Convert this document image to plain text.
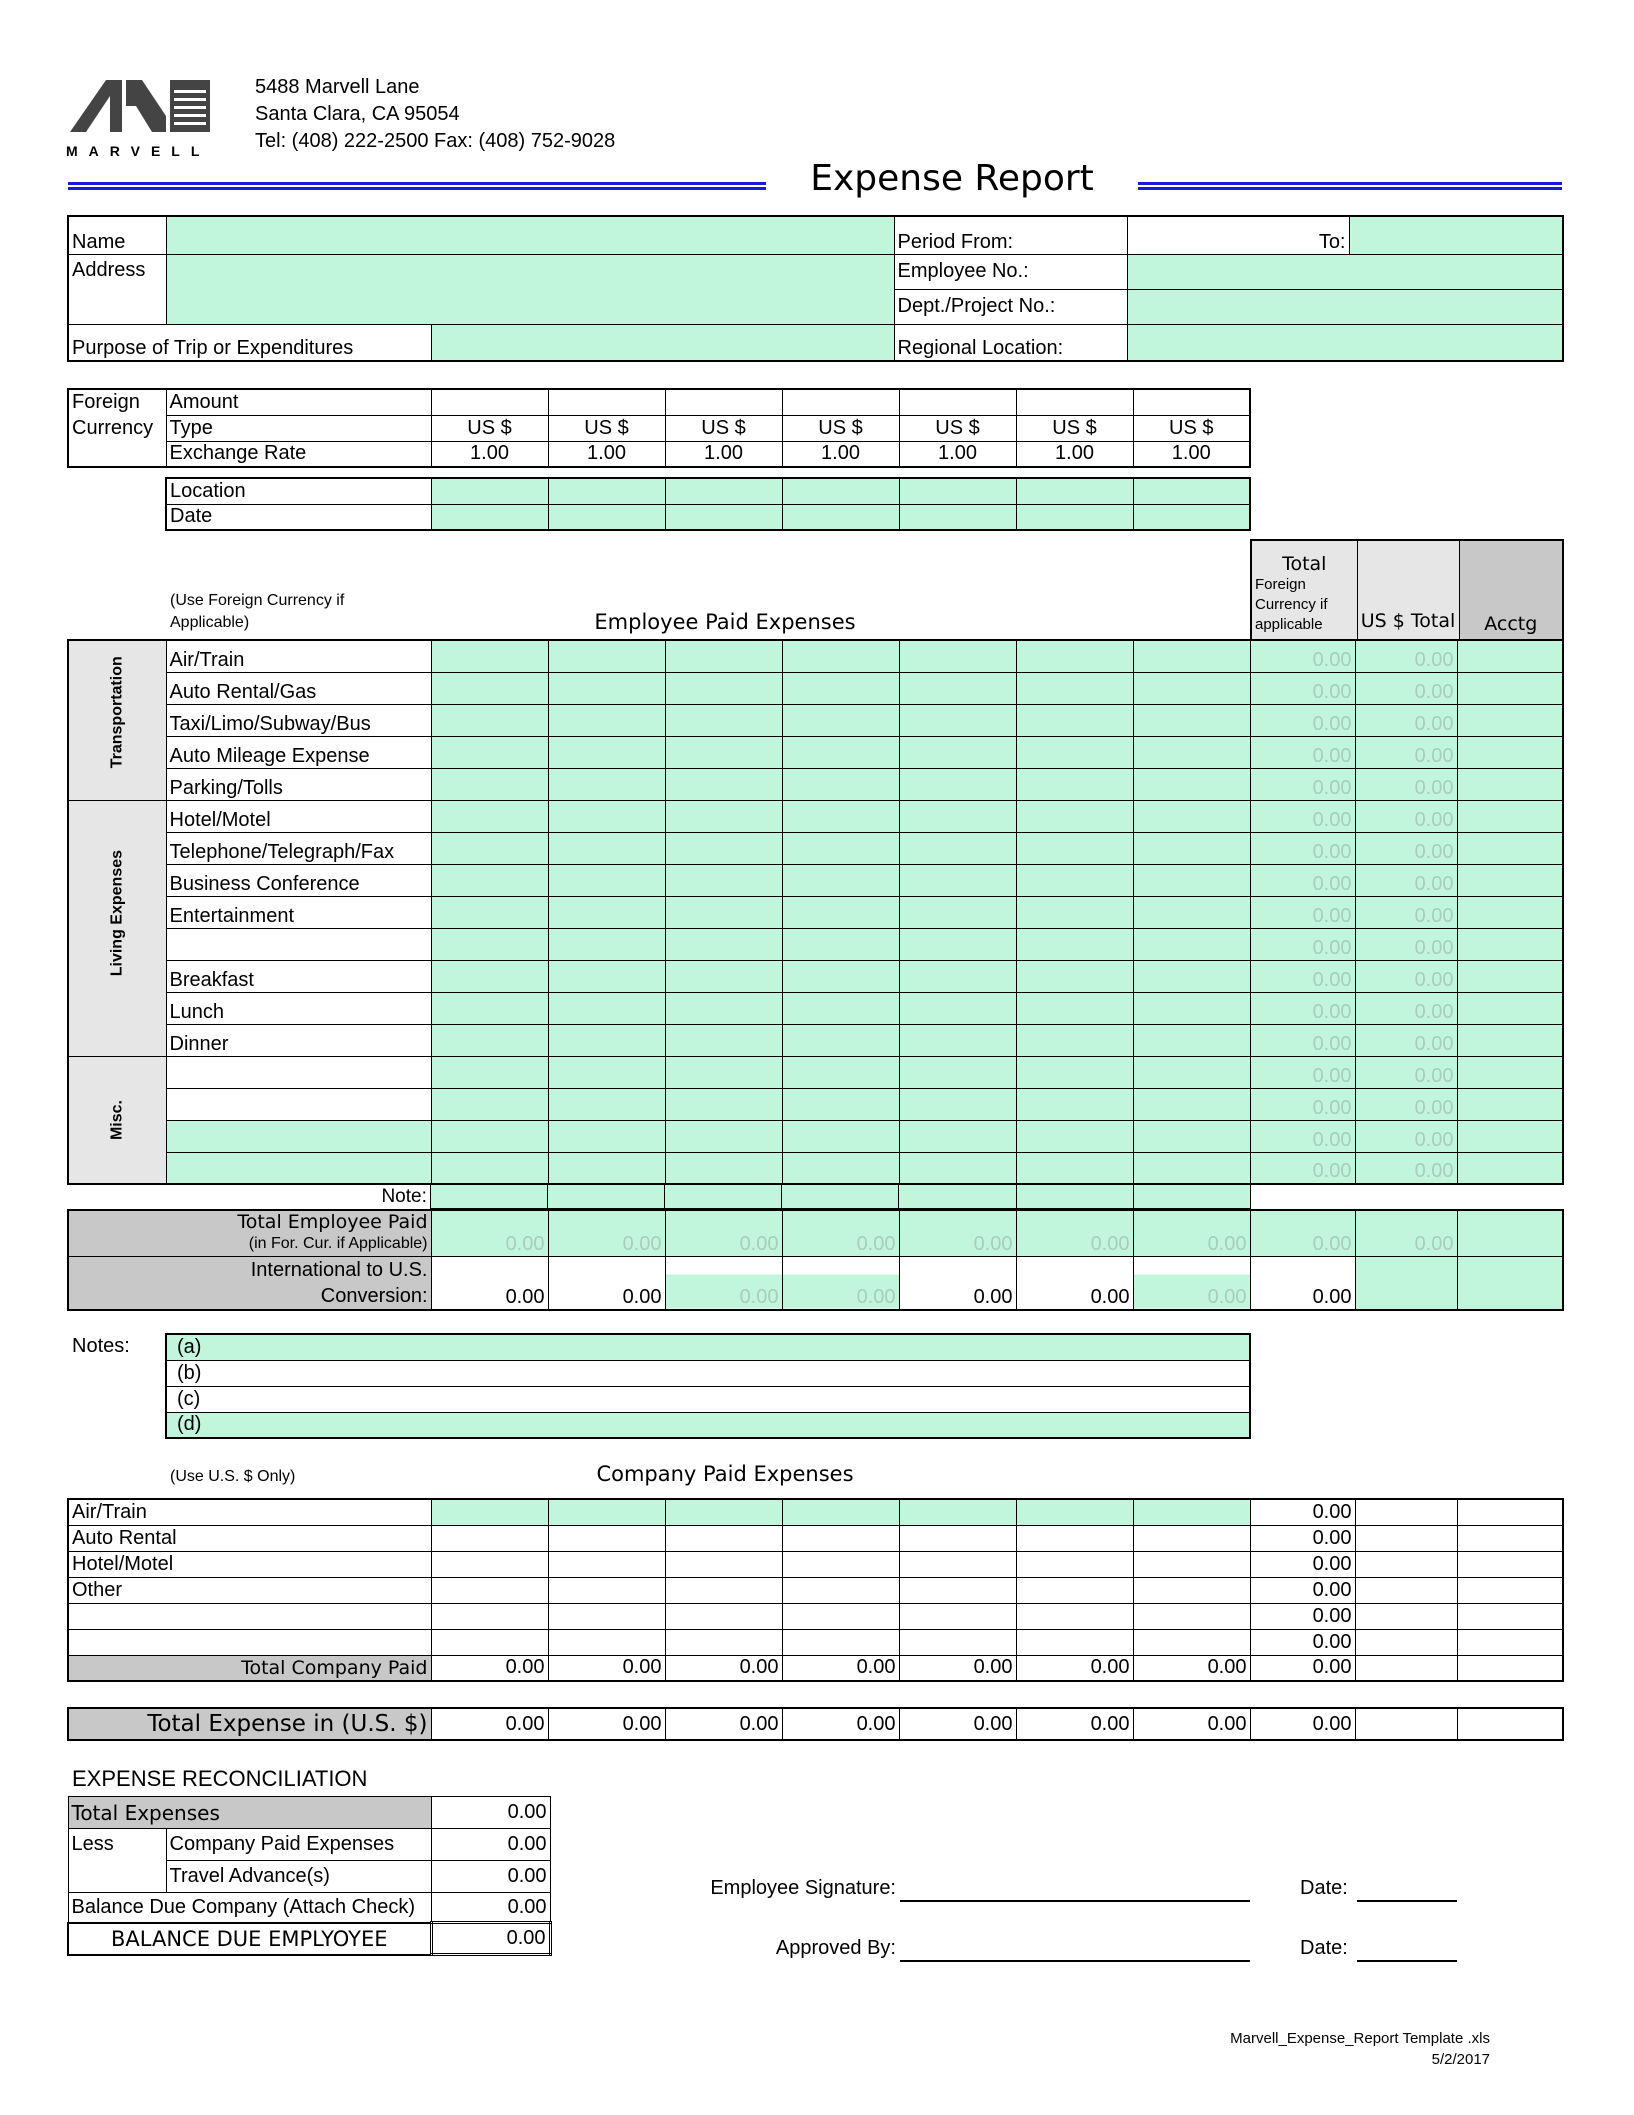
MARVELL
5488 Marvell Lane
Santa Clara, CA 95054
Tel: (408) 222-2500 Fax: (408) 752-9028
Expense Report
Name			Period From:	To:	
Address			Employee No.:		
			Dept./Project No.:		
Purpose of Trip or Expenditures			Regional Location:		
Foreign	Amount							
Currency	Type	US $	US $	US $	US $	US $	US $	US $
	Exchange Rate	1.00	1.00	1.00	1.00	1.00	1.00	1.00
Location							
Date							
(Use Foreign Currency if Applicable)	Employee Paid Expenses
Total
Foreign Currency if applicable	US $ Total	Acctg
Transportation	Air/Train								0.00	0.00	
	Auto Rental/Gas								0.00	0.00	
	Taxi/Limo/Subway/Bus								0.00	0.00	
	Auto Mileage Expense								0.00	0.00	
	Parking/Tolls								0.00	0.00	

Living Expenses	Hotel/Motel								0.00	0.00	
	Telephone/Telegraph/Fax								0.00	0.00	
	Business Conference								0.00	0.00	
	Entertainment								0.00	0.00	
									0.00	0.00	
	Breakfast								0.00	0.00	
	Lunch								0.00	0.00	
	Dinner								0.00	0.00	

Misc.									0.00	0.00	
									0.00	0.00	
									0.00	0.00	
									0.00	0.00	
Note:							
Total Employee Paid
(in For. Cur. if Applicable)	0.00	0.00	0.00	0.00	0.00	0.00	0.00	0.00	0.00	

International to U.S.
Conversion:	0.00	0.00	0.00	0.00	0.00	0.00	0.00	0.00		
Notes: (a)
(b)
(c)
(d)
(Use U.S. $ Only)	Company Paid Expenses
Air/Train								0.00		
Auto Rental								0.00		
Hotel/Motel								0.00		
Other								0.00		
								0.00		
								0.00		
Total Company Paid	0.00	0.00	0.00	0.00	0.00	0.00	0.00	0.00		
Total Expense in (U.S. $)	0.00	0.00	0.00	0.00	0.00	0.00	0.00	0.00		
EXPENSE RECONCILIATION
Total Expenses		0.00
Less	Company Paid Expenses	0.00
	Travel Advance(s)	0.00
Balance Due Company (Attach Check)		0.00
BALANCE DUE EMPLYOYEE		0.00
Employee Signature:	Date:
Approved By:	Date:
Marvell_Expense_Report Template .xls
5/2/2017
